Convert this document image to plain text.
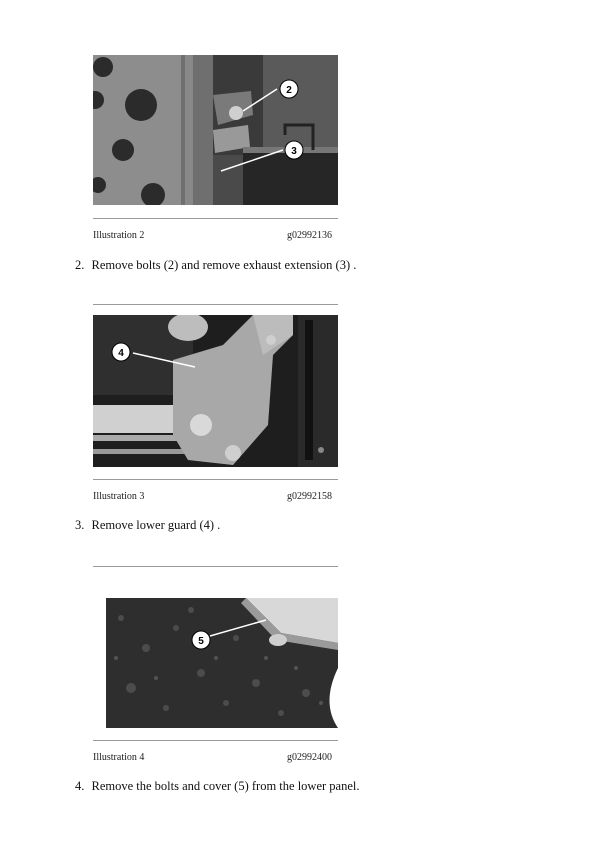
2
3
Illustration 2	g02992136
2. Remove bolts (2) and remove exhaust extension (3) .
4
Illustration 3	g02992158
3. Remove lower guard (4) .
5
Illustration 4	g02992400
4. Remove the bolts and cover (5) from the lower panel.
